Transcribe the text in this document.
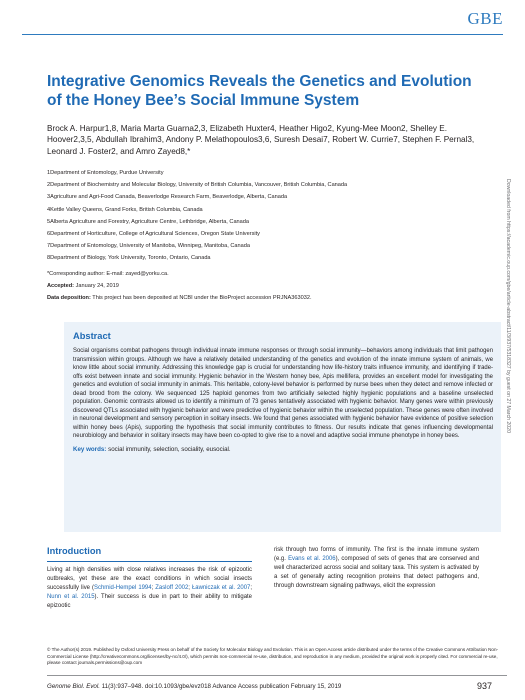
GBE
Integrative Genomics Reveals the Genetics and Evolution of the Honey Bee’s Social Immune System
Brock A. Harpur1,8, Maria Marta Guarna2,3, Elizabeth Huxter4, Heather Higo2, Kyung-Mee Moon2, Shelley E. Hoover2,3,5, Abdullah Ibrahim3, Andony P. Melathopoulos3,6, Suresh Desai7, Robert W. Currie7, Stephen F. Pernal3, Leonard J. Foster2, and Amro Zayed8,*
1Department of Entomology, Purdue University
2Department of Biochemistry and Molecular Biology, University of British Columbia, Vancouver, British Columbia, Canada
3Agriculture and Agri-Food Canada, Beaverlodge Research Farm, Beaverlodge, Alberta, Canada
4Kettle Valley Queens, Grand Forks, British Columbia, Canada
5Alberta Agriculture and Forestry, Agriculture Centre, Lethbridge, Alberta, Canada
6Department of Horticulture, College of Agricultural Sciences, Oregon State University
7Department of Entomology, University of Manitoba, Winnipeg, Manitoba, Canada
8Department of Biology, York University, Toronto, Ontario, Canada
*Corresponding author: E-mail: zayed@yorku.ca.
Accepted: January 24, 2019
Data deposition: This project has been deposited at NCBI under the BioProject accession PRJNA363032.	Downloaded from https://academic.oup.com/gbe/article-abstract/11/3/937/5318327 by guest on 27 March 2020
Abstract

Social organisms combat pathogens through individual innate immune responses or through social immunity—behaviors among individuals that limit pathogen transmission within groups. Although we have a relatively detailed understanding of the genetics and evolution of the innate immune system of animals, we know little about social immunity. Addressing this knowledge gap is crucial for understanding how life-history traits influence immunity, and identifying if trade-offs exist between innate and social immunity. Hygienic behavior in the Western honey bee, Apis mellifera, provides an excellent model for investigating the genetics and evolution of social immunity in animals. This heritable, colony-level behavior is performed by nurse bees when they detect and remove infected or dead brood from the colony. We sequenced 125 haploid genomes from two artificially selected highly hygienic populations and a baseline unselected population. Genomic contrasts allowed us to identify a minimum of 73 genes tentatively associated with hygienic behavior. Many genes were within previously discovered QTLs associated with hygienic behavior and were predictive of hygienic behavior within the unselected population. These genes were often involved in neuronal development and sensory perception in solitary insects. We found that genes associated with hygienic behavior have evidence of positive selection within honey bees (Apis), supporting the hypothesis that social immunity contributes to fitness. Our results indicate that genes influencing developmental neurobiology and behavior in solitary insects may have been co-opted to give rise to a novel and adaptive social immune phenotype in honey bees.

Key words: social immunity, selection, sociality, eusocial.
Introduction

Living at high densities with close relatives increases the risk of epizootic outbreaks, yet these are the exact conditions in which social insects successfully live (Schmid-Hempel 1994; Zasloff 2002; Ławniczak et al. 2007; Nunn et al. 2015). Their success is due in part to their ability to mitigate epizootic

risk through two forms of immunity. The first is the innate immune system (e.g. Evans et al. 2006), composed of sets of genes that are conserved and well characterized across social and solitary taxa. This system is activated by a set of generally acting recognition proteins that detect pathogens and, through downstream signaling pathways, elicit the expression

© The Author(s) 2019. Published by Oxford University Press on behalf of the Society for Molecular Biology and Evolution. This is an Open Access article distributed under the terms of the Creative Commons Attribution Non-Commercial License (http://creativecommons.org/licenses/by-nc/4.0/), which permits non-commercial re-use, distribution, and reproduction in any medium, provided the original work is properly cited. For commercial re-use, please contact journals.permissions@oup.com
Genome Biol. Evol. 11(3):937–948. doi:10.1093/gbe/evz018 Advance Access publication February 15, 2019	937
